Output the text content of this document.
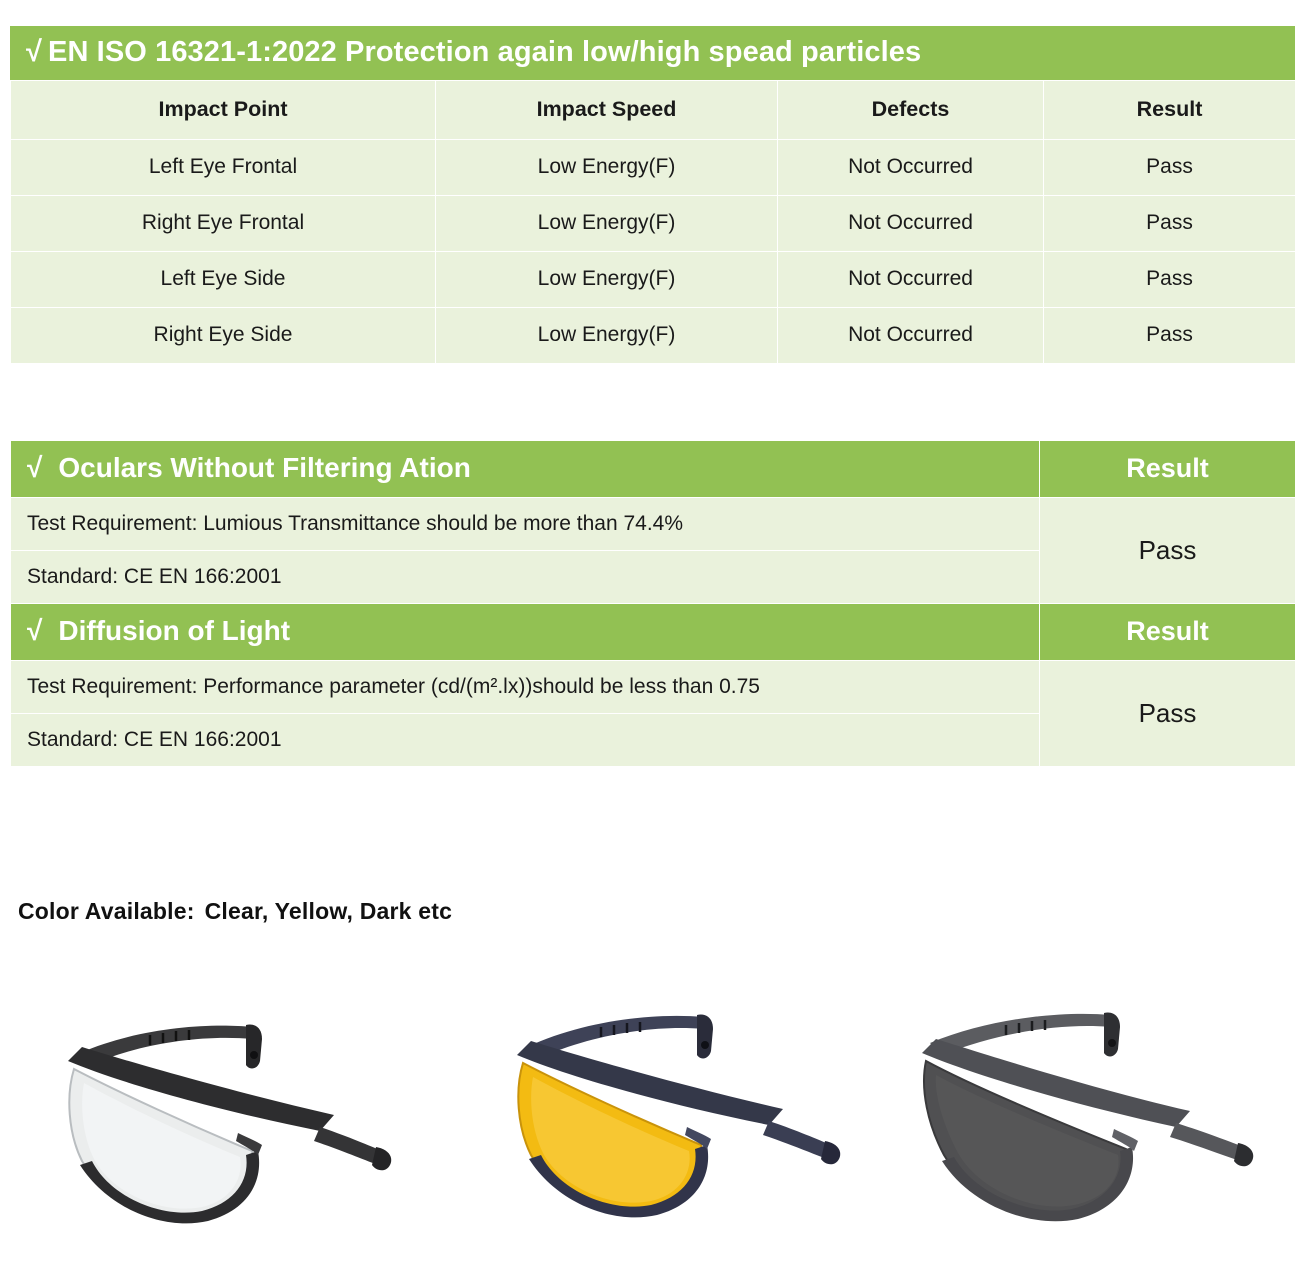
√ EN ISO 16321-1:2022 Protection again low/high spead particles
Impact Point	Impact Speed	Defects	Result
Left Eye Frontal	Low Energy(F)	Not Occurred	Pass
Right Eye Frontal	Low Energy(F)	Not Occurred	Pass
Left Eye Side	Low Energy(F)	Not Occurred	Pass
Right Eye Side	Low Energy(F)	Not Occurred	Pass
√ Oculars Without Filtering Ation	Result
Test Requirement: Lumious Transmittance should be more than 74.4%	Pass
Standard: CE EN 166:2001	
√ Diffusion of Light	Result
Test Requirement: Performance parameter (cd/(m².lx))should be less than 0.75	Pass
Standard: CE EN 166:2001	
Color Available: Clear, Yellow, Dark etc
